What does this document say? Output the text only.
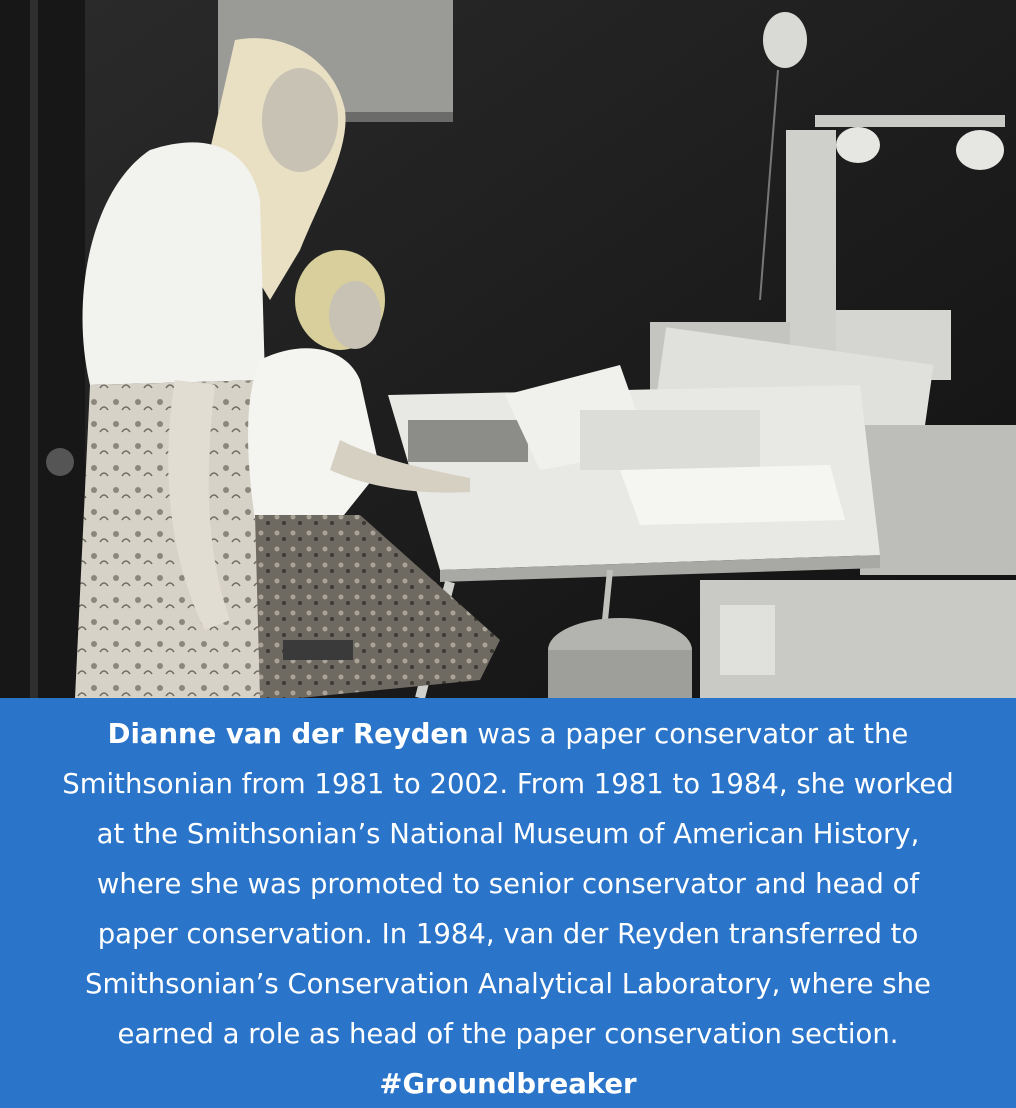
Dianne van der Reyden was a paper conservator at the
Smithsonian from 1981 to 2002. From 1981 to 1984, she worked
at the Smithsonian’s National Museum of American History,
where she was promoted to senior conservator and head of
paper conservation. In 1984, van der Reyden transferred to
Smithsonian’s Conservation Analytical Laboratory, where she
earned a role as head of the paper conservation section.
#Groundbreaker
